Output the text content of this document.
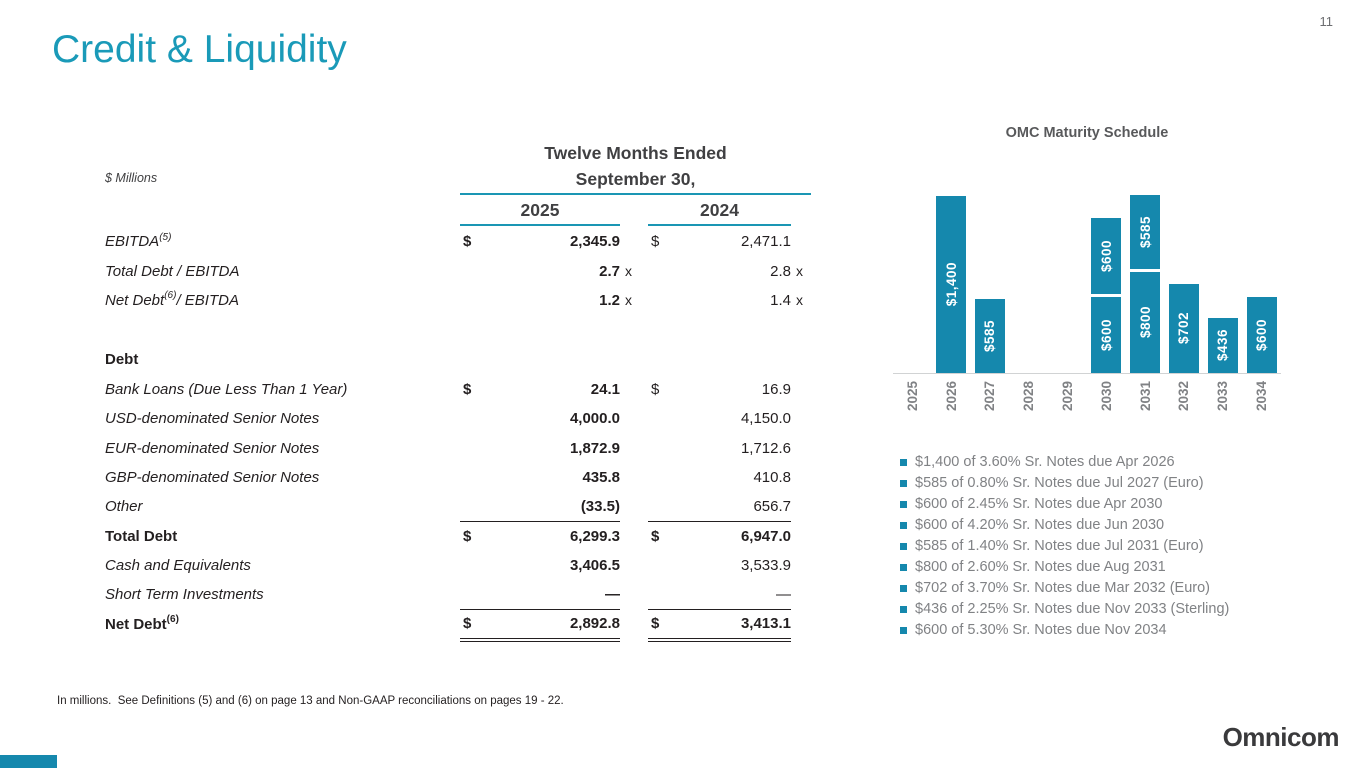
Credit & Liquidity
11
$ Millions
Twelve Months Ended
September 30,
2025	2024
EBITDA$^{(5)}$	$	2,345.9 $	2,471.1
Total Debt / EBITDA	2.7 x	2.8 x
Net Debt$^{(6)}$ / EBITDA	1.2 x	1.4 x
Debt
Bank Loans (Due Less Than 1 Year)	$	24.1 $	16.9
USD-denominated Senior Notes	4,000.0	4,150.0
EUR-denominated Senior Notes	1,872.9	1,712.6
GBP-denominated Senior Notes	435.8	410.8
Other	(33.5)	656.7
Total Debt	$	6,299.3 $	6,947.0
Cash and Equivalents	3,406.5	3,533.9
Short Term Investments	—	—
Net Debt$^{(6)}$	$	2,892.8 $	3,413.1
OMC Maturity Schedule
$1,400
$585
$600
$600
$585
$800 $702
$436 $600
2025 2026 2027 2028 2029 2030 2031 2032 2033 2034
$1,400 of 3.60% Sr. Notes due Apr 2026
$585 of 0.80% Sr. Notes due Jul 2027 (Euro)
$600 of 2.45% Sr. Notes due Apr 2030
$600 of 4.20% Sr. Notes due Jun 2030
$585 of 1.40% Sr. Notes due Jul 2031 (Euro)
$800 of 2.60% Sr. Notes due Aug 2031
$702 of 3.70% Sr. Notes due Mar 2032 (Euro)
$436 of 2.25% Sr. Notes due Nov 2033 (Sterling)
$600 of 5.30% Sr. Notes due Nov 2034
In millions.  See Definitions (5) and (6) on page 13 and Non-GAAP reconciliations on pages 19 - 22.
Omnicom
